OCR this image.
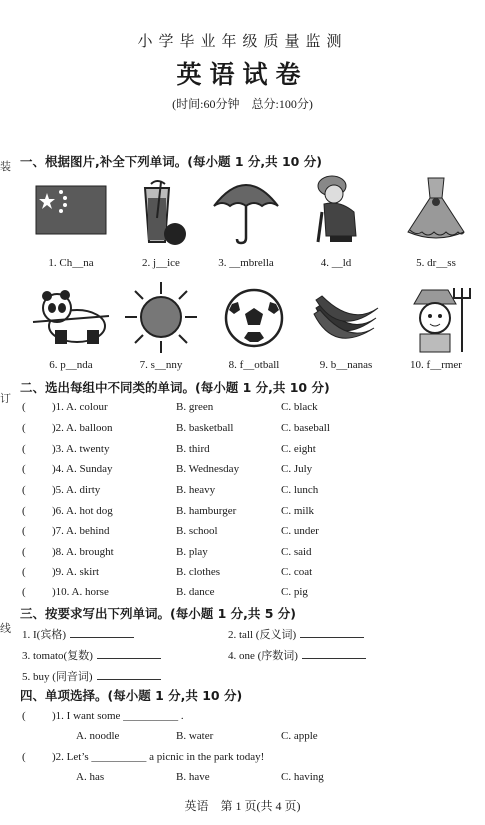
小学毕业年级质量监测
英语试卷
(时间:60分钟　总分:100分)
装
订
线
一、根据图片,补全下列单词。(每小题 1 分,共 10 分)
1. Ch__na	2. j__ice	3. __mbrella	4. __ld	5. dr__ss
6. p__nda	7. s__nny	8. f__otball	9. b__nanas	10. f__rmer
二、选出每组中不同类的单词。(每小题 1 分,共 10 分)
( )1. A. colour	B. green	C. black
( )2. A. balloon	B. basketball	C. baseball
( )3. A. twenty	B. third	C. eight
( )4. A. Sunday	B. Wednesday	C. July
( )5. A. dirty	B. heavy	C. lunch
( )6. A. hot dog	B. hamburger	C. milk
( )7. A. behind	B. school	C. under
( )8. A. brought	B. play	C. said
( )9. A. skirt	B. clothes	C. coat
( )10. A. horse	B. dance	C. pig
三、按要求写出下列单词。(每小题 1 分,共 5 分)
1. I(宾格)	2. tall (反义词)
3. tomato(复数)	4. one (序数词)
5. buy (同音词)
四、单项选择。(每小题 1 分,共 10 分)
( )1. I want some __________ .
A. noodle	B. water	C. apple
( )2. Let’s __________ a picnic in the park today!
A. has	B. have	C. having
英语　第 1 页(共 4 页)
